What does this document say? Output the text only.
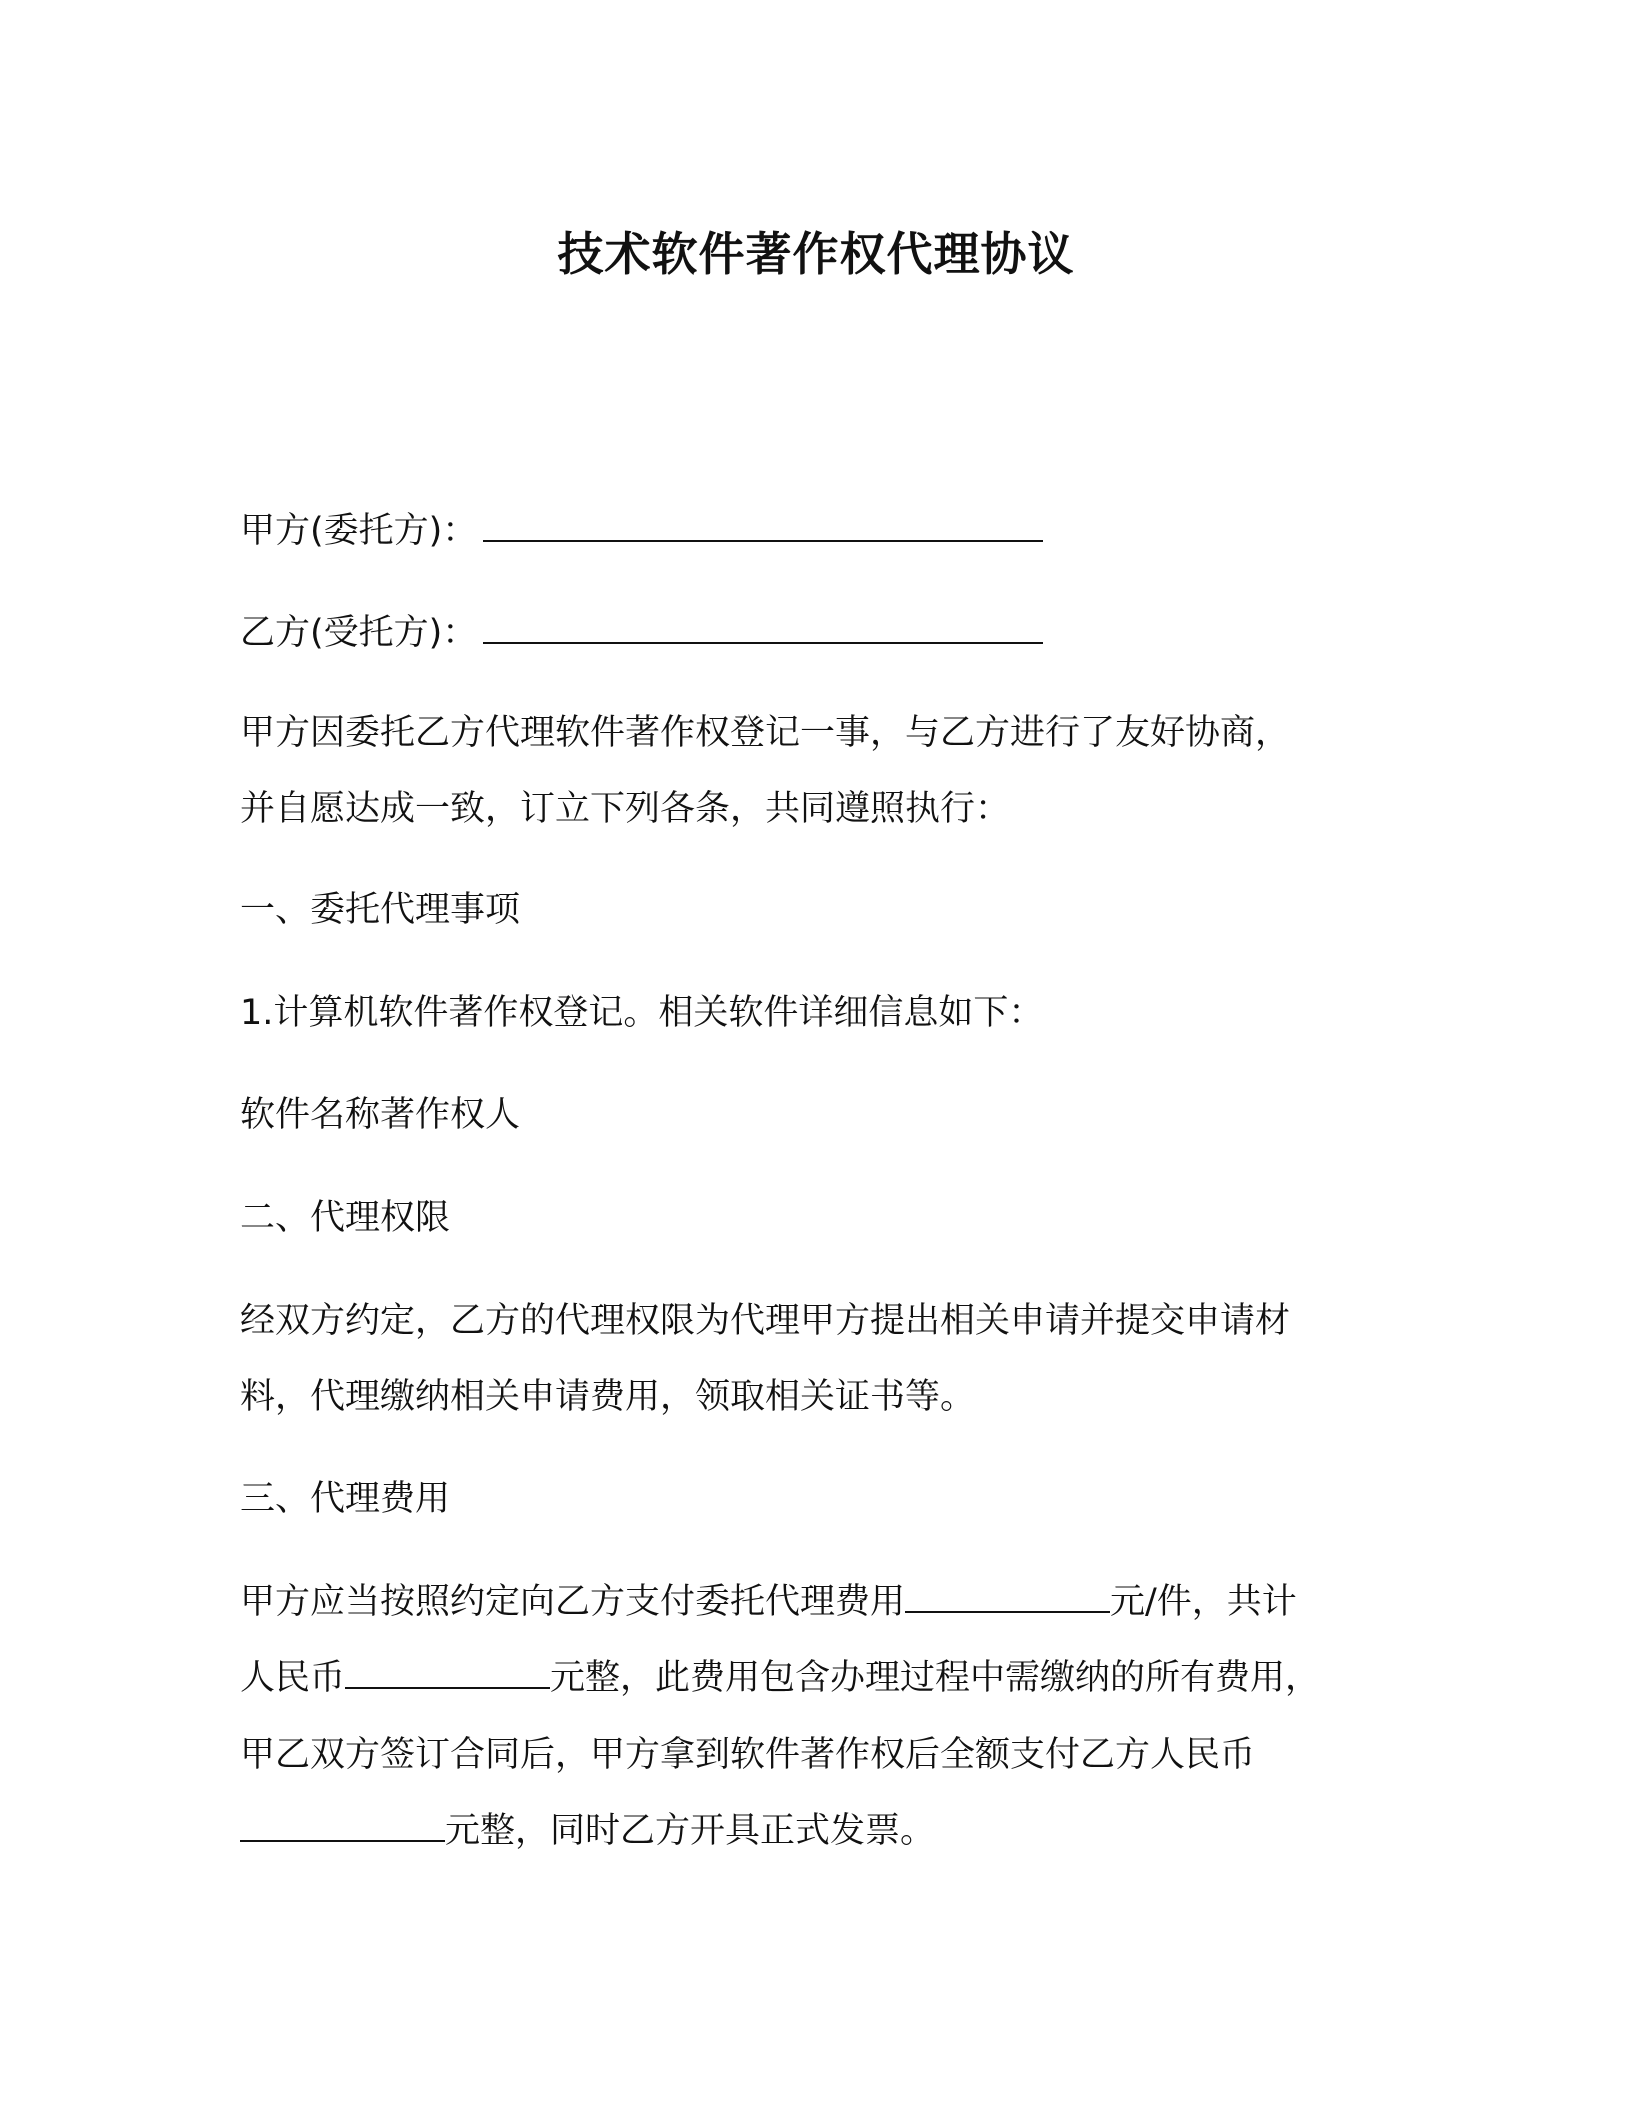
技术软件著作权代理协议
甲方(委托方)：
乙方(受托方)：
甲方因委托乙方代理软件著作权登记一事，与乙方进行了友好协商，
并自愿达成一致，订立下列各条，共同遵照执行：
一、委托代理事项
1.计算机软件著作权登记。相关软件详细信息如下：
软件名称著作权人
二、代理权限
经双方约定，乙方的代理权限为代理甲方提出相关申请并提交申请材
料，代理缴纳相关申请费用，领取相关证书等。
三、代理费用
甲方应当按照约定向乙方支付委托代理费用	元/件，共计
人民币	元整，此费用包含办理过程中需缴纳的所有费用，
甲乙双方签订合同后，甲方拿到软件著作权后全额支付乙方人民币
元整，同时乙方开具正式发票。
